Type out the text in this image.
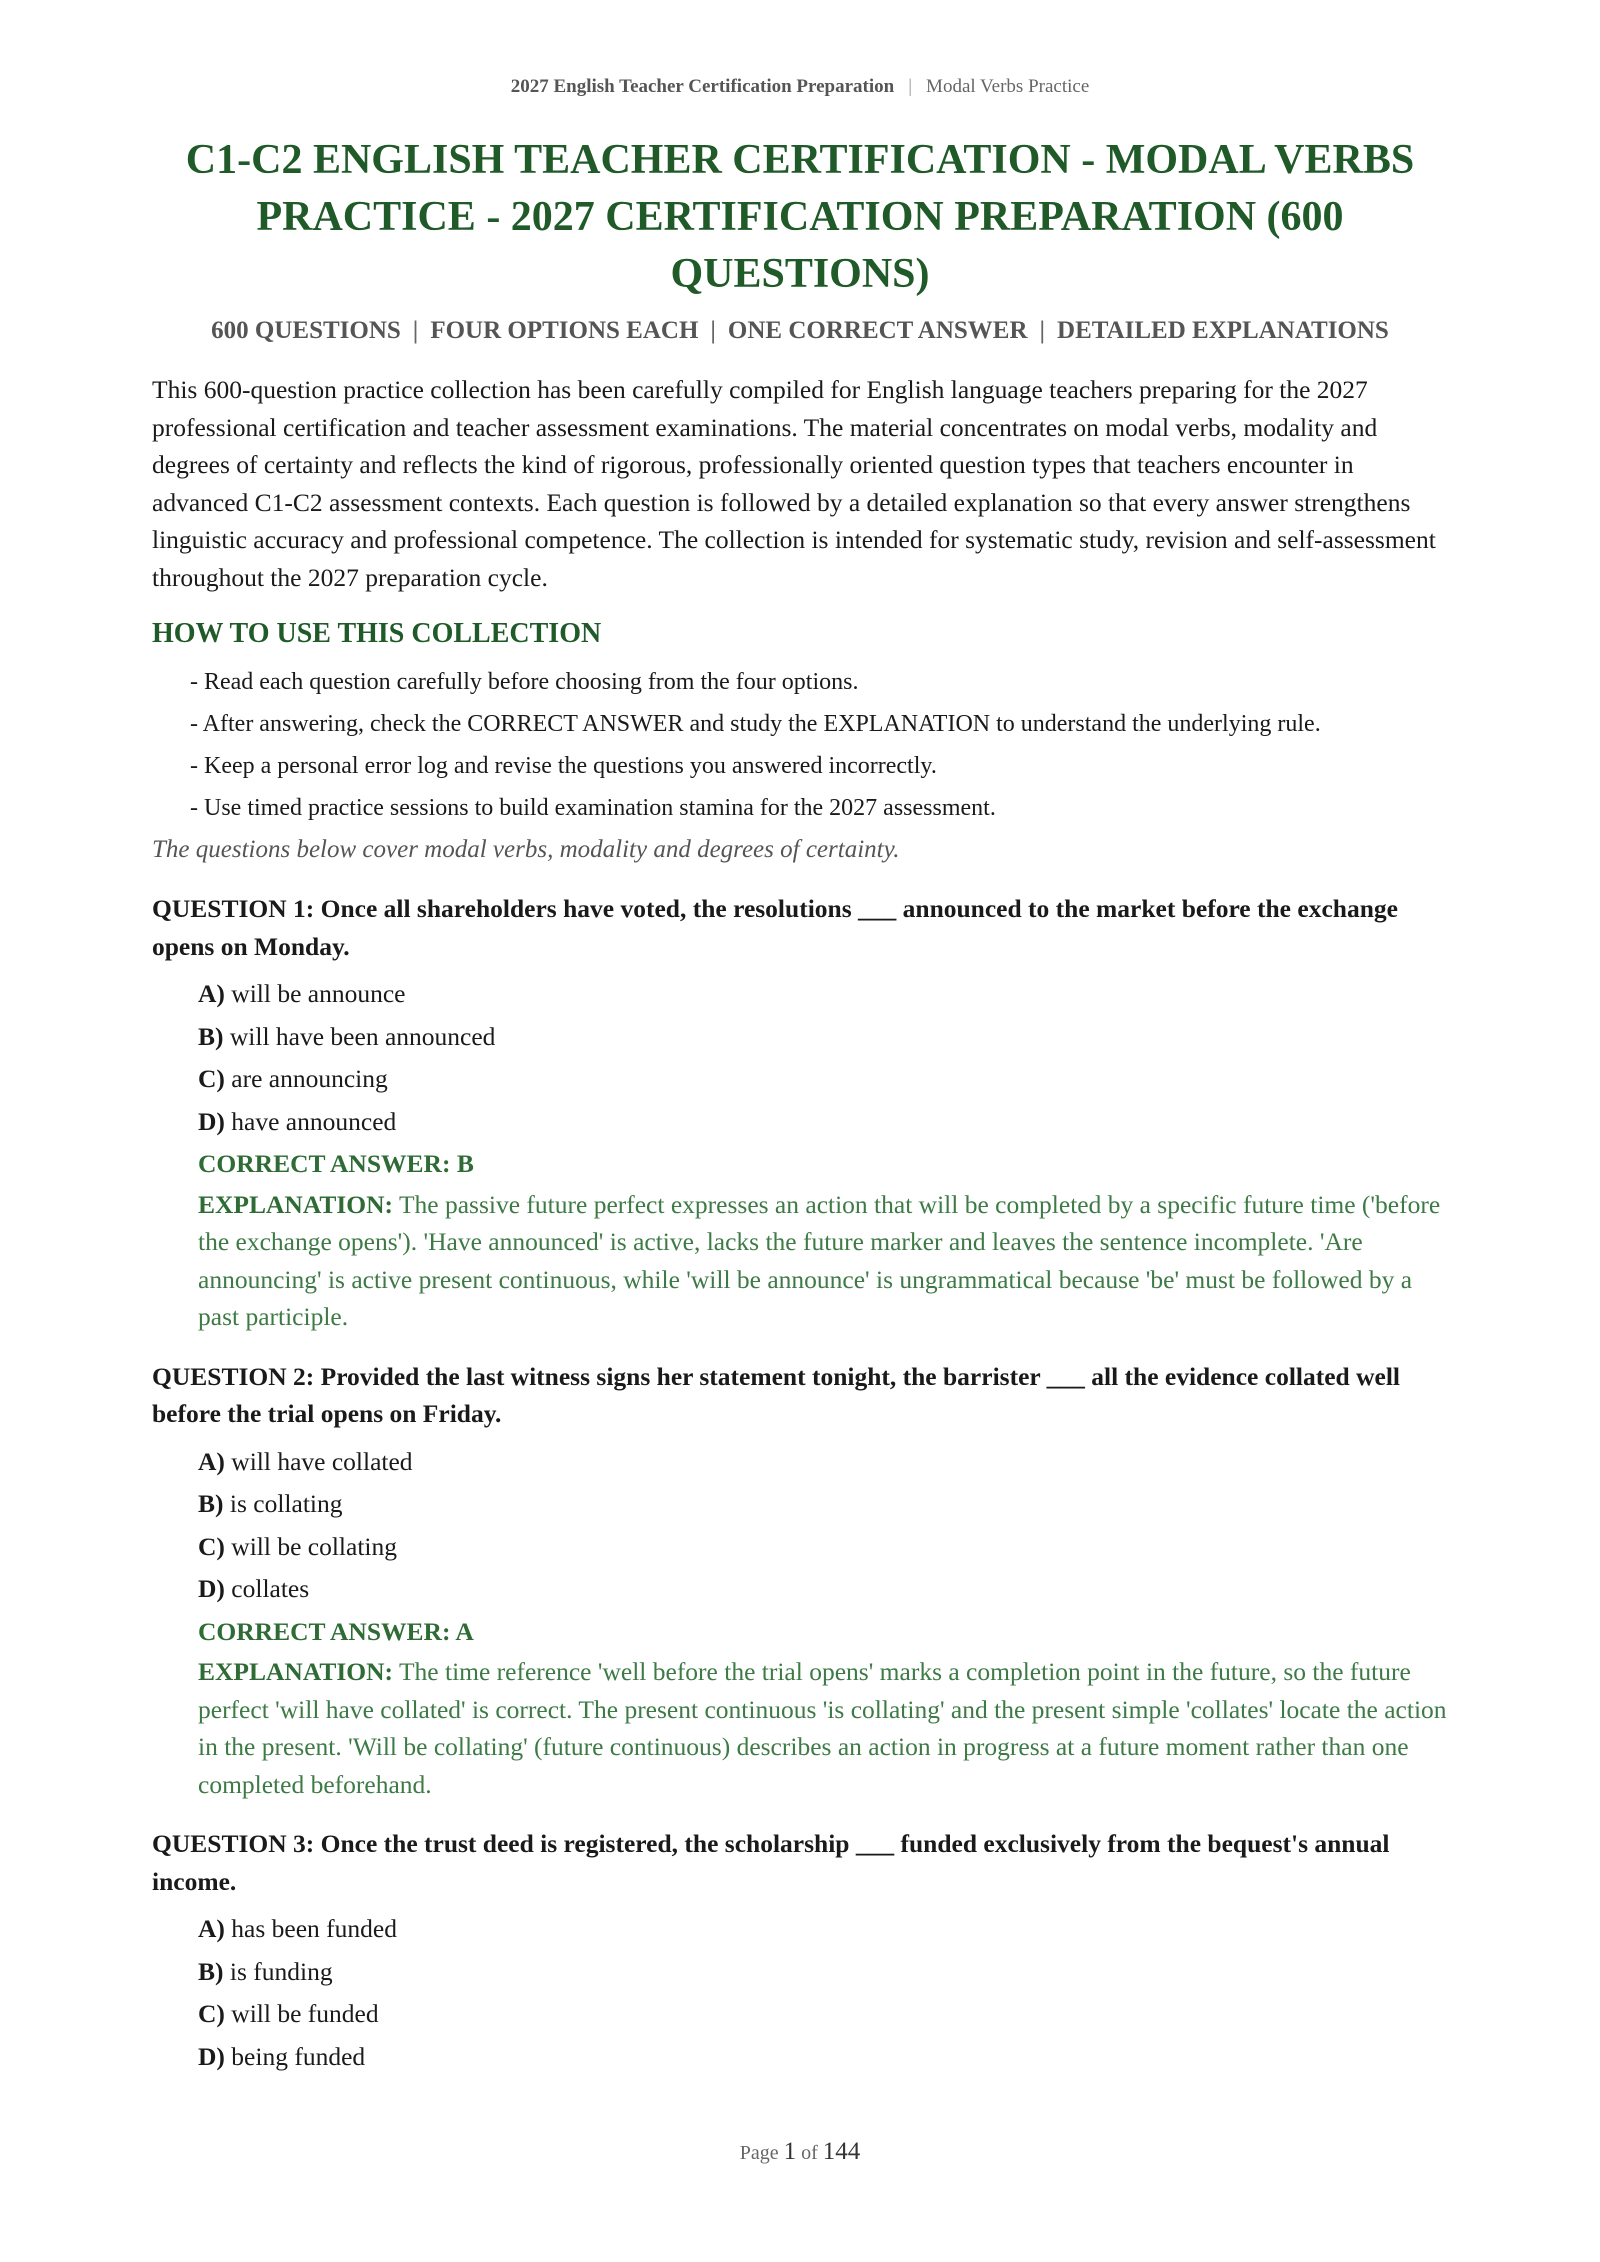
2027 English Teacher Certification Preparation | Modal Verbs Practice
C1-C2 ENGLISH TEACHER CERTIFICATION - MODAL VERBS PRACTICE - 2027 CERTIFICATION PREPARATION (600 QUESTIONS)
600 QUESTIONS | FOUR OPTIONS EACH | ONE CORRECT ANSWER | DETAILED EXPLANATIONS

This 600-question practice collection has been carefully compiled for English language teachers preparing for the 2027 professional certification and teacher assessment examinations. The material concentrates on modal verbs, modality and degrees of certainty and reflects the kind of rigorous, professionally oriented question types that teachers encounter in advanced C1-C2 assessment contexts. Each question is followed by a detailed explanation so that every answer strengthens linguistic accuracy and professional competence. The collection is intended for systematic study, revision and self-assessment throughout the 2027 preparation cycle.

HOW TO USE THIS COLLECTION
- Read each question carefully before choosing from the four options.
- After answering, check the CORRECT ANSWER and study the EXPLANATION to understand the underlying rule.
- Keep a personal error log and revise the questions you answered incorrectly.
- Use timed practice sessions to build examination stamina for the 2027 assessment.

The questions below cover modal verbs, modality and degrees of certainty.

QUESTION 1: Once all shareholders have voted, the resolutions ___ announced to the market before the exchange opens on Monday.

A) will be announce
B) will have been announced
C) are announcing
D) have announced
CORRECT ANSWER: B
EXPLANATION: The passive future perfect expresses an action that will be completed by a specific future time ('before the exchange opens'). 'Have announced' is active, lacks the future marker and leaves the sentence incomplete. 'Are announcing' is active present continuous, while 'will be announce' is ungrammatical because 'be' must be followed by a past participle.

QUESTION 2: Provided the last witness signs her statement tonight, the barrister ___ all the evidence collated well before the trial opens on Friday.

A) will have collated
B) is collating
C) will be collating
D) collates
CORRECT ANSWER: A
EXPLANATION: The time reference 'well before the trial opens' marks a completion point in the future, so the future perfect 'will have collated' is correct. The present continuous 'is collating' and the present simple 'collates' locate the action in the present. 'Will be collating' (future continuous) describes an action in progress at a future moment rather than one completed beforehand.

QUESTION 3: Once the trust deed is registered, the scholarship ___ funded exclusively from the bequest's annual income.

A) has been funded
B) is funding
C) will be funded
D) being funded
Page 1 of 144
